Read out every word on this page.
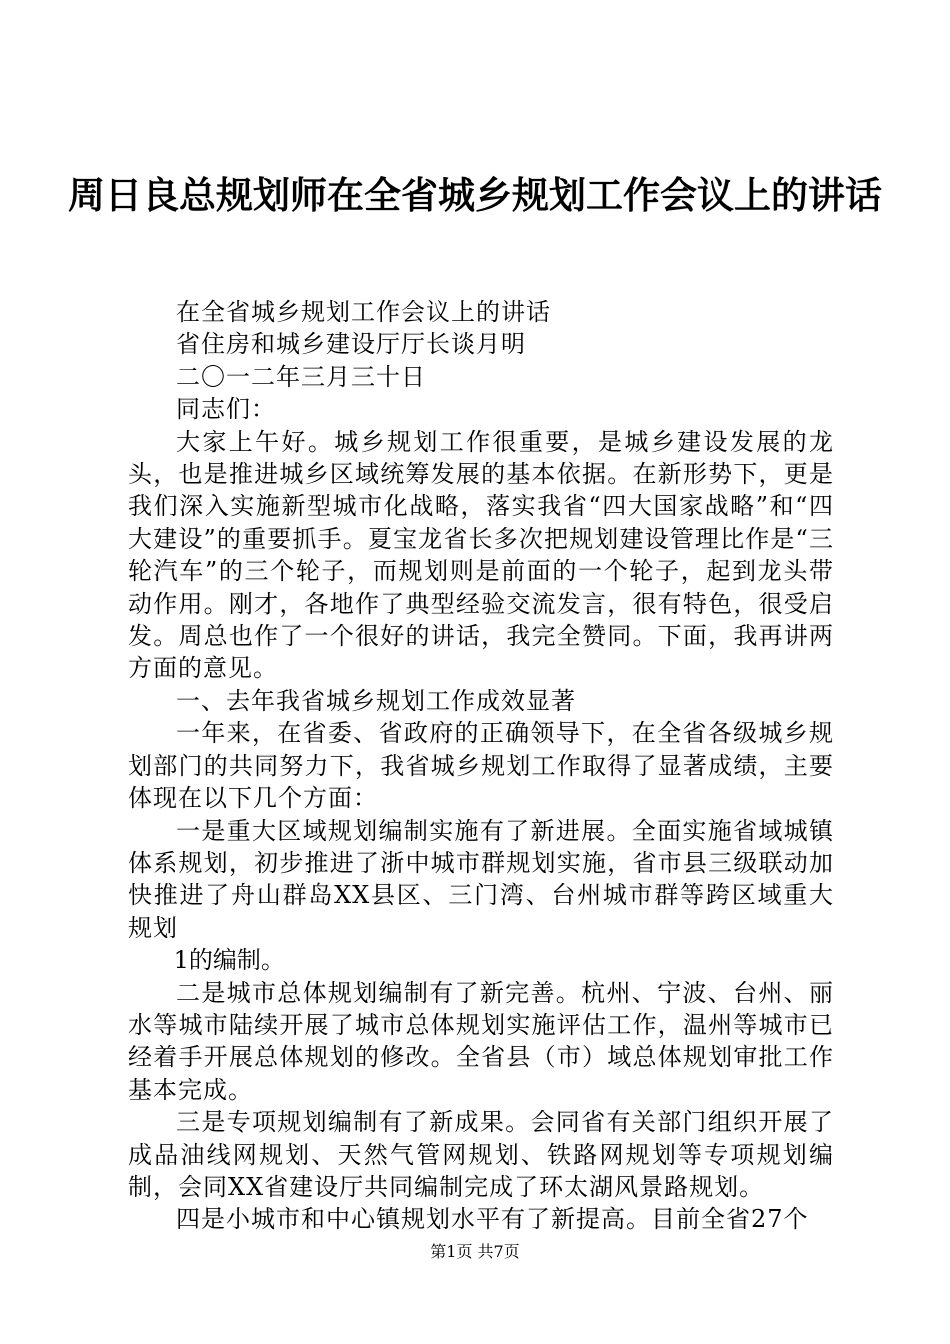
周日良总规划师在全省城乡规划工作会议上的讲话

在全省城乡规划工作会议上的讲话

省住房和城乡建设厅厅长谈月明

二〇一二年三月三十日

同志们：

大家上午好。城乡规划工作很重要，是城乡建设发展的龙头，也是推进城乡区域统筹发展的基本依据。在新形势下，更是我们深入实施新型城市化战略，落实我省“四大国家战略”和“四大建设”的重要抓手。夏宝龙省长多次把规划建设管理比作是“三轮汽车”的三个轮子，而规划则是前面的一个轮子，起到龙头带动作用。刚才，各地作了典型经验交流发言，很有特色，很受启发。周总也作了一个很好的讲话，我完全赞同。下面，我再讲两方面的意见。

一、去年我省城乡规划工作成效显著

一年来，在省委、省政府的正确领导下，在全省各级城乡规划部门的共同努力下，我省城乡规划工作取得了显著成绩，主要体现在以下几个方面：

一是重大区域规划编制实施有了新进展。全面实施省域城镇体系规划，初步推进了浙中城市群规划实施，省市县三级联动加快推进了舟山群岛XX县区、三门湾、台州城市群等跨区域重大规划

1的编制。

二是城市总体规划编制有了新完善。杭州、宁波、台州、丽水等城市陆续开展了城市总体规划实施评估工作，温州等城市已经着手开展总体规划的修改。全省县（市）域总体规划审批工作基本完成。

三是专项规划编制有了新成果。会同省有关部门组织开展了成品油线网规划、天然气管网规划、铁路网规划等专项规划编制，会同XX省建设厅共同编制完成了环太湖风景路规划。

四是小城市和中心镇规划水平有了新提高。目前全省27个

第1页 共7页
